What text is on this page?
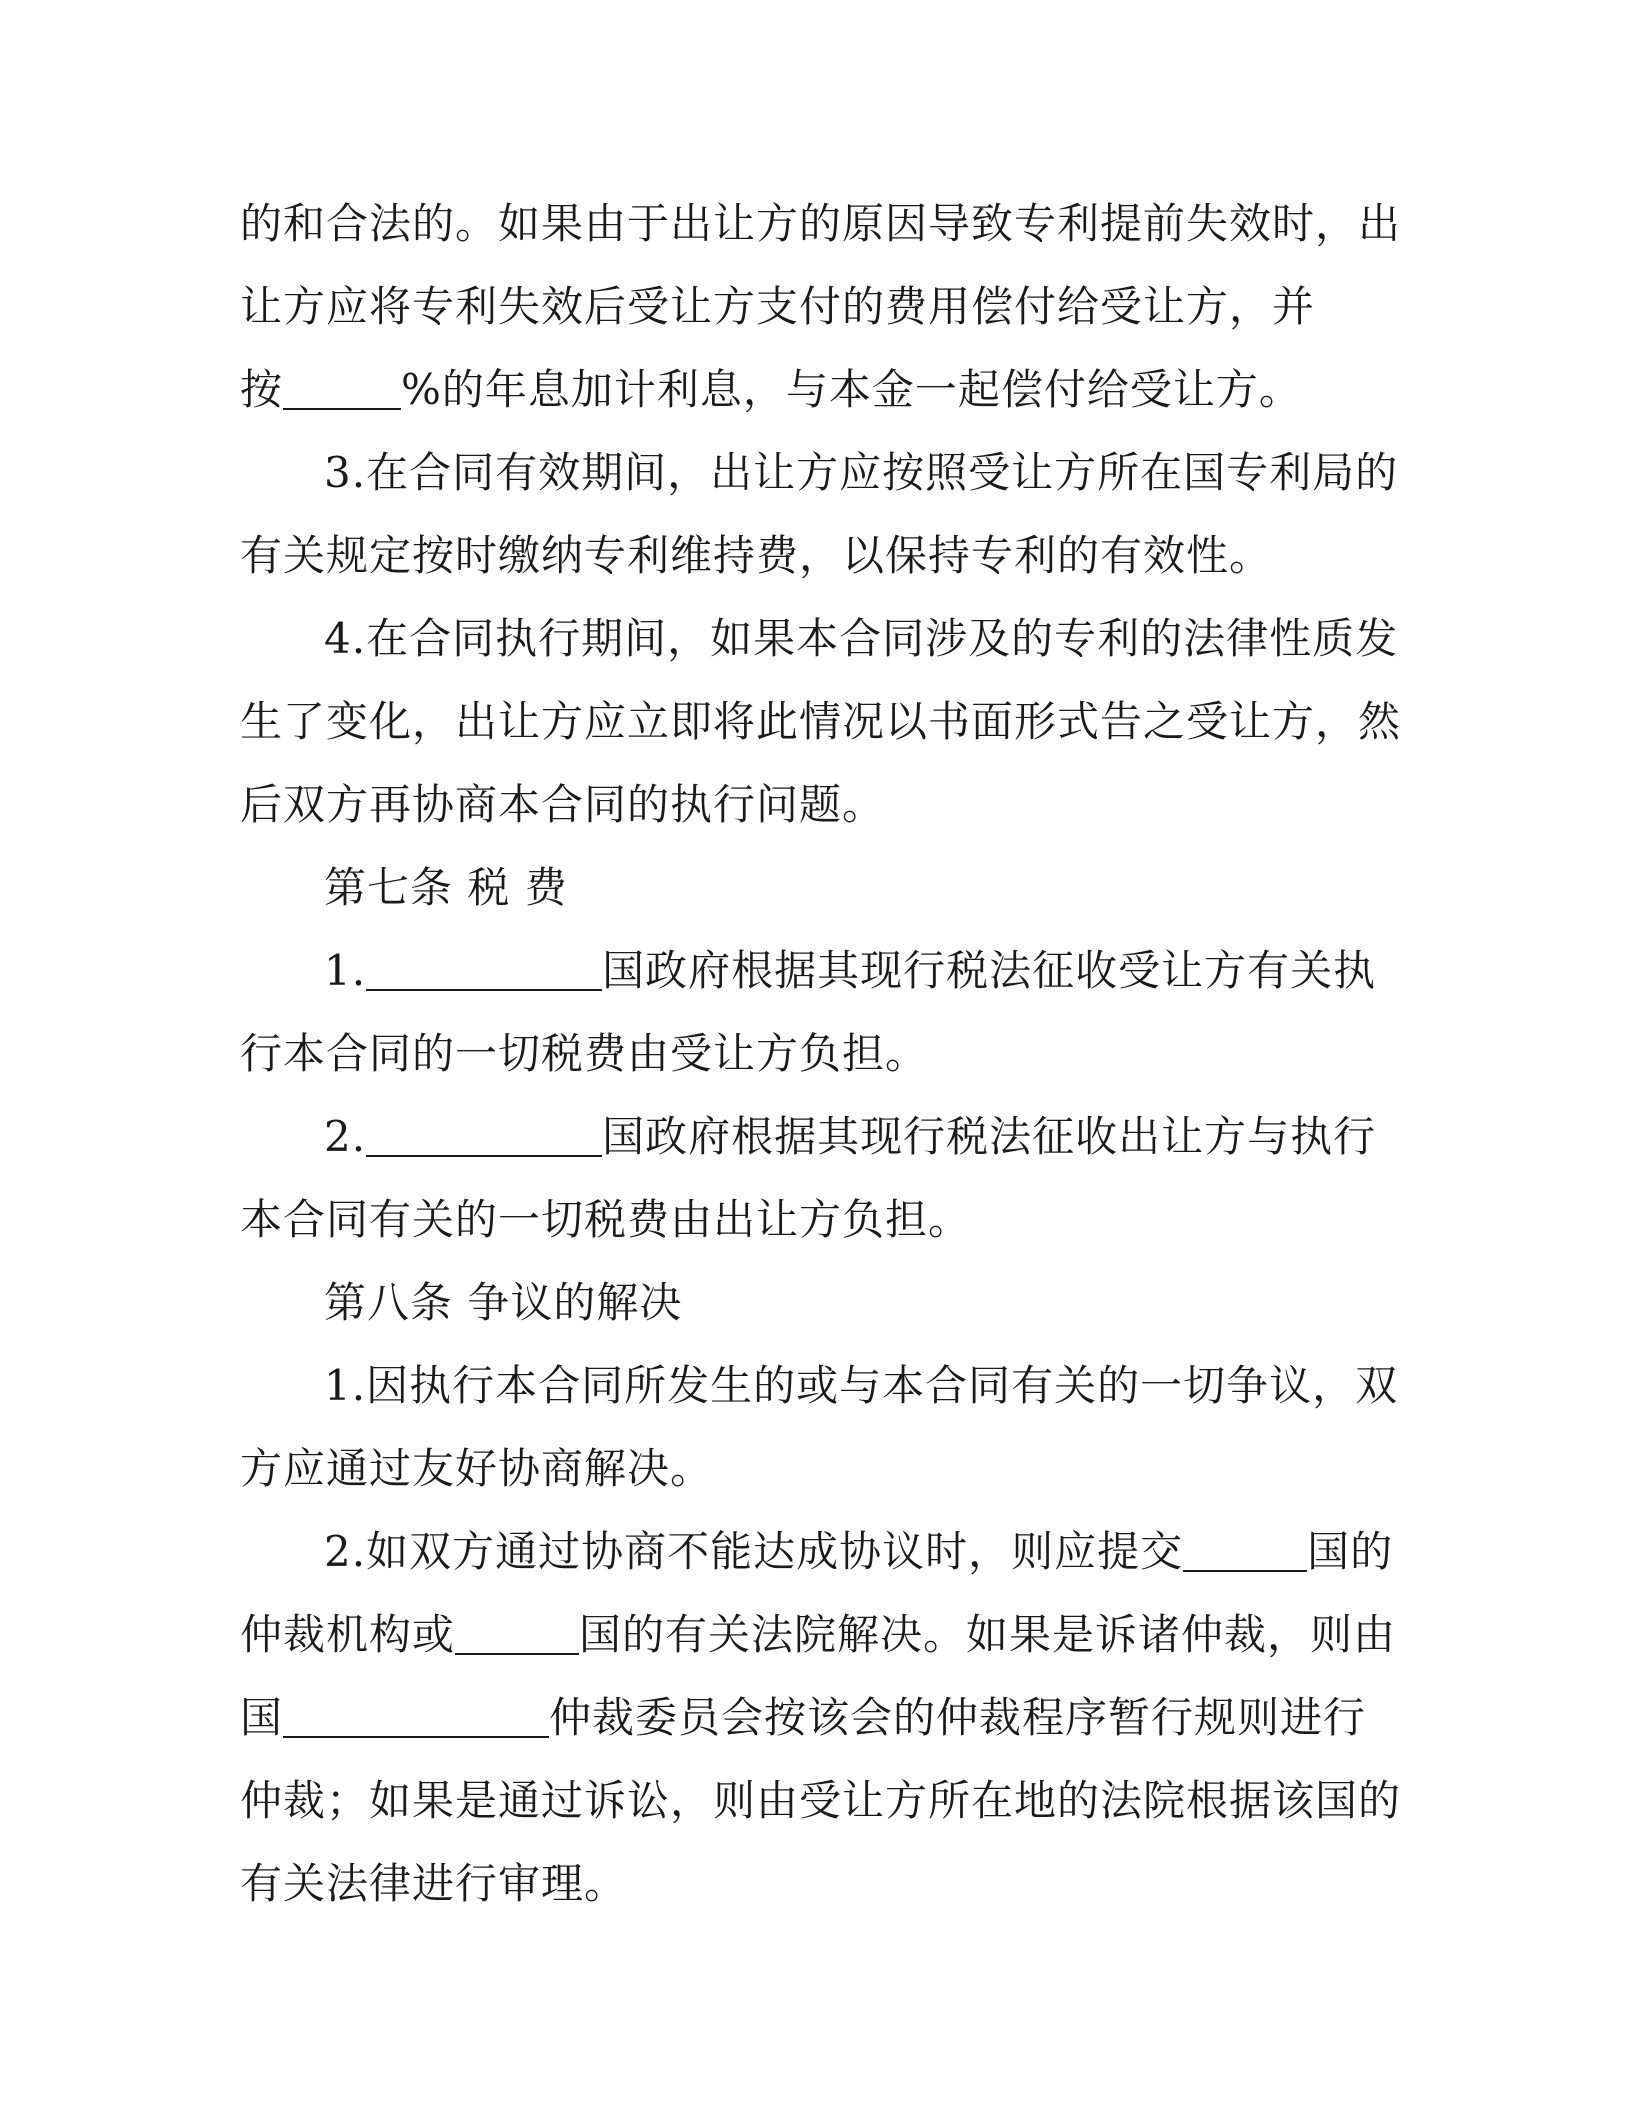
的和合法的。如果由于出让方的原因导致专利提前失效时，出
让方应将专利失效后受让方支付的费用偿付给受让方，并
按	%的年息加计利息，与本金一起偿付给受让方。
3.在合同有效期间，出让方应按照受让方所在国专利局的
有关规定按时缴纳专利维持费，以保持专利的有效性。
4.在合同执行期间，如果本合同涉及的专利的法律性质发
生了变化，出让方应立即将此情况以书面形式告之受让方，然
后双方再协商本合同的执行问题。
第七条 税 费
1.	国政府根据其现行税法征收受让方有关执
行本合同的一切税费由受让方负担。
2.	国政府根据其现行税法征收出让方与执行
本合同有关的一切税费由出让方负担。
第八条 争议的解决
1.因执行本合同所发生的或与本合同有关的一切争议，双
方应通过友好协商解决。
2.如双方通过协商不能达成协议时，则应提交	国的
仲裁机构或	国的有关法院解决。如果是诉诸仲裁，则由
国	仲裁委员会按该会的仲裁程序暂行规则进行
仲裁；如果是通过诉讼，则由受让方所在地的法院根据该国的
有关法律进行审理。
